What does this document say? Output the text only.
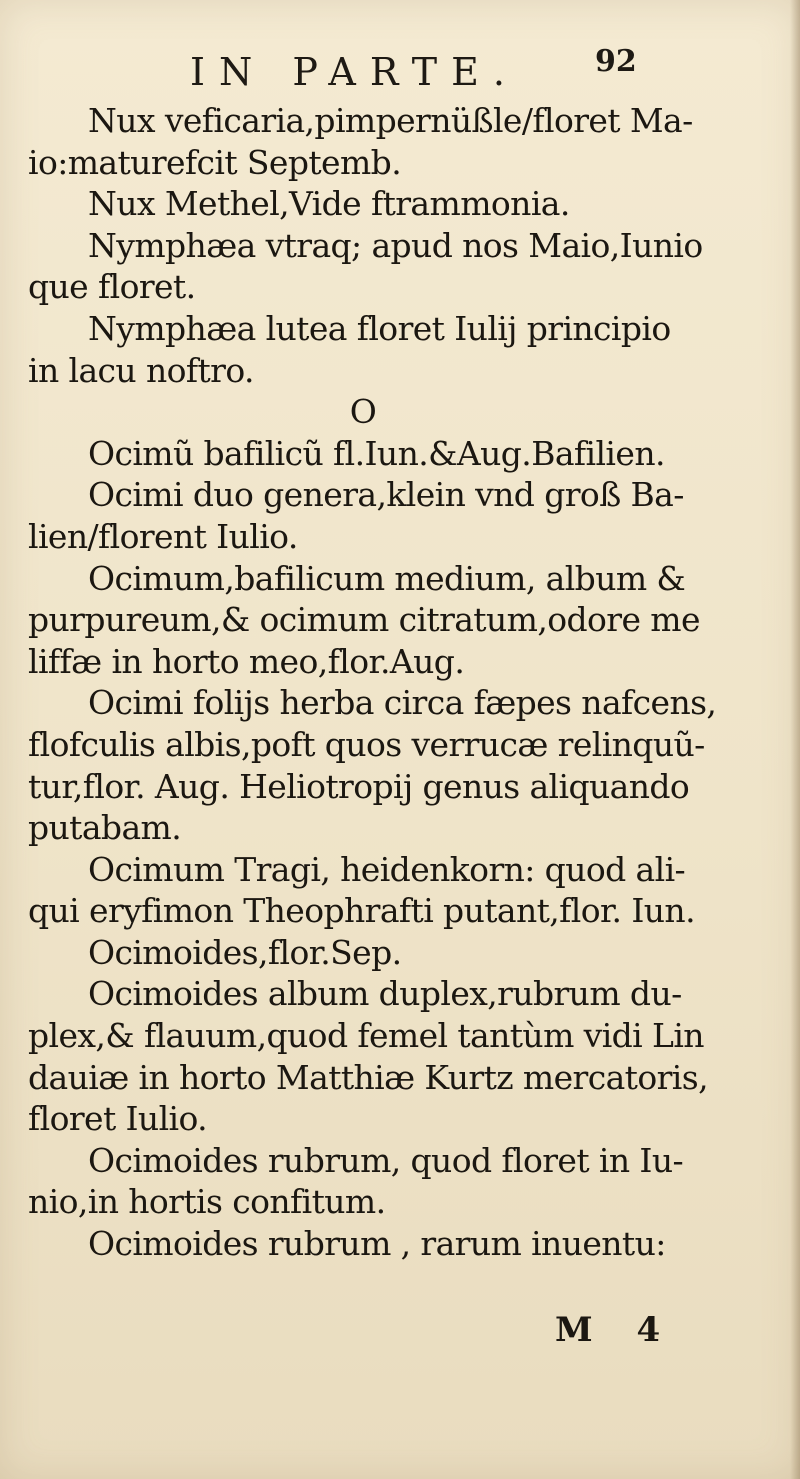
IN PARTE.	92
Nux veficaria,pimpernüßle/floret Ma-
io:maturefcit Septemb.
Nux Methel,Vide ftrammonia.
Nymphæa vtraq; apud nos Maio,Iunio
que floret.
Nymphæa lutea floret Iulij principio
in lacu noftro.
O
Ocimũ bafilicũ fl.Iun.&Aug.Bafilien.
Ocimi duo genera,klein vnd groß Ba-
lien/florent Iulio.
Ocimum,bafilicum medium, album &
purpureum,& ocimum citratum,odore me
liffæ in horto meo,flor.Aug.
Ocimi folijs herba circa fæpes nafcens,
flofculis albis,poft quos verrucæ relinquũ-
tur,flor. Aug. Heliotropij genus aliquando
putabam.
Ocimum Tragi, heidenkorn: quod ali-
qui eryfimon Theophrafti putant,flor. Iun.
Ocimoides,flor.Sep.
Ocimoides album duplex,rubrum du-
plex,& flauum,quod femel tantùm vidi Lin
dauiæ in horto Matthiæ Kurtz mercatoris,
floret Iulio.
Ocimoides rubrum, quod floret in Iu-
nio,in hortis confitum.
Ocimoides rubrum , rarum inuentu:
M 4
